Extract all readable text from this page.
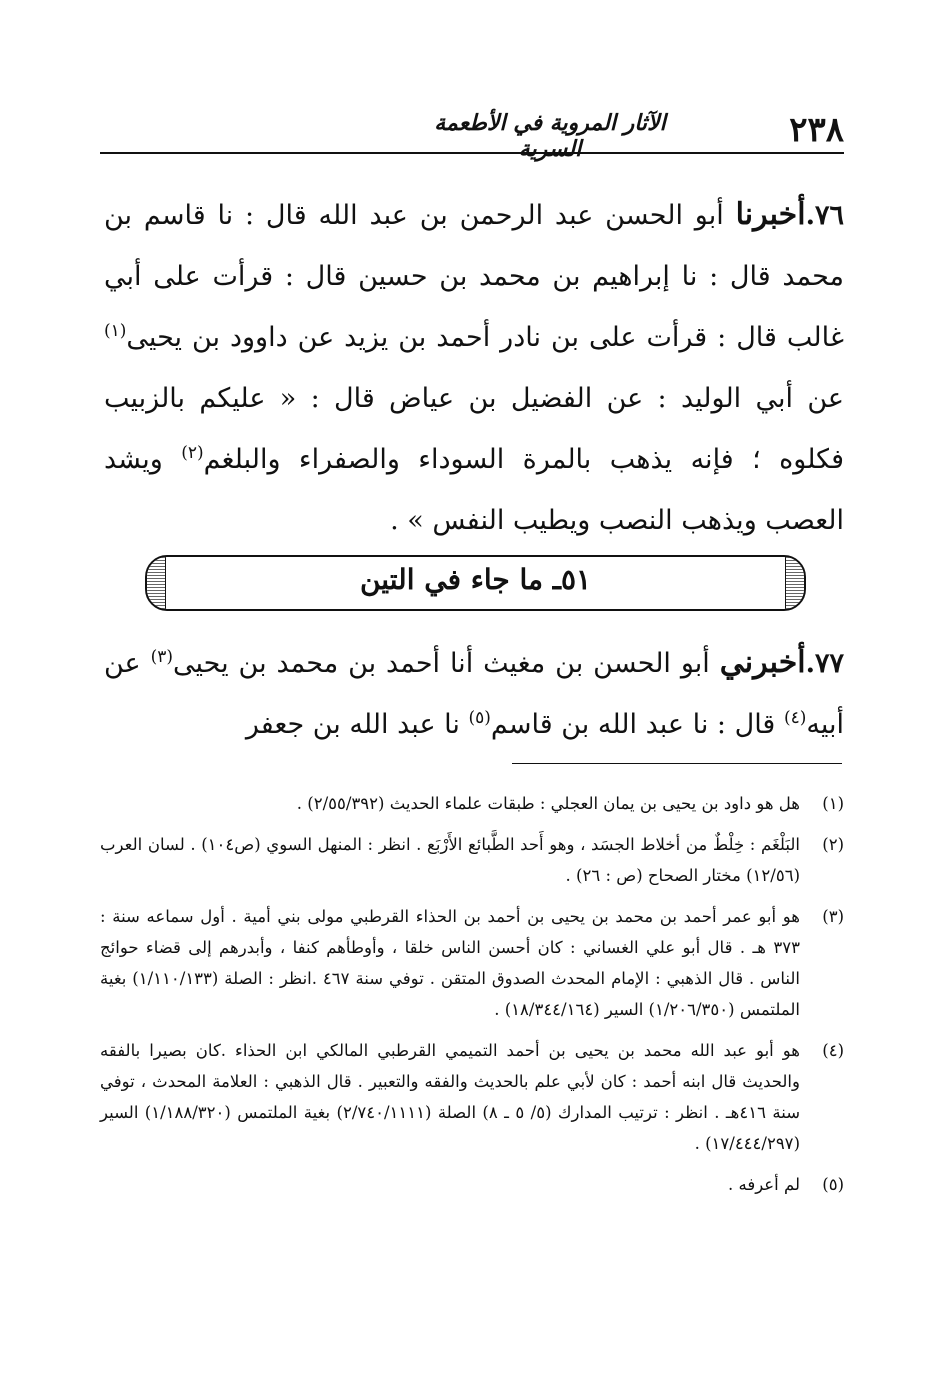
٢٣٨
الآثار المروية في الأطعمة السرية

٧٦.أخبرنا أبو الحسن عبد الرحمن بن عبد الله قال : نا قاسم بن محمد قال : نا إبراهيم بن محمد بن حسين قال : قرأت على أبي غالب قال : قرأت على بن نادر أحمد بن يزيد عن داوود بن يحيى$^{(١)}$ عن أبي الوليد : عن الفضيل بن عياض قال : « عليكم بالزبيب فكلوه ؛ فإنه يذهب بالمرة السوداء والصفراء والبلغم$^{(٢)}$ ويشد العصب ويذهب النصب ويطيب النفس » .

٥١ـ ما جاء في التين

٧٧.أخبرني أبو الحسن بن مغيث أنا أحمد بن محمد بن يحيى$^{(٣)}$ عن أبيه$^{(٤)}$ قال : نا عبد الله بن قاسم$^{(٥)}$ نا عبد الله بن جعفر

(١)
هل هو داود بن يحيى بن يمان العجلي : طبقات علماء الحديث (٢/٥٥/٣٩٢) .
(٢)
البَلْغَم : خِلْطٌ من أخلاط الجسَد ، وهو أَحد الطَّبائع الأَرْبَع . انظر : المنهل السوي (ص١٠٤) . لسان العرب (١٢/٥٦) مختار الصحاح (ص : ٢٦) .
(٣)
هو أبو عمر أحمد بن محمد بن يحيى بن أحمد بن الحذاء القرطبي مولى بني أمية . أول سماعه سنة : ٣٧٣ هـ . قال أبو علي الغساني : كان أحسن الناس خلقا ، وأوطأهم كنفا ، وأبدرهم إلى قضاء حوائج الناس . قال الذهبي : الإمام المحدث الصدوق المتقن . توفي سنة ٤٦٧ .انظر : الصلة (١/١١٠/١٣٣) بغية الملتمس (١/٢٠٦/٣٥٠) السير (١٨/٣٤٤/١٦٤) .
(٤)
هو أبو عبد الله محمد بن يحيى بن أحمد التميمي القرطبي المالكي ابن الحذاء .كان بصيرا بالفقه والحديث قال ابنه أحمد : كان لأبي علم بالحديث والفقه والتعبير . قال الذهبي : العلامة المحدث ، توفي سنة ٤١٦هـ . انظر : ترتيب المدارك (٥/ ٥ ـ ٨) الصلة (٢/٧٤٠/١١١١) بغية الملتمس (١/١٨٨/٣٢٠) السير (١٧/٤٤٤/٢٩٧) .
(٥)
لم أعرفه .
